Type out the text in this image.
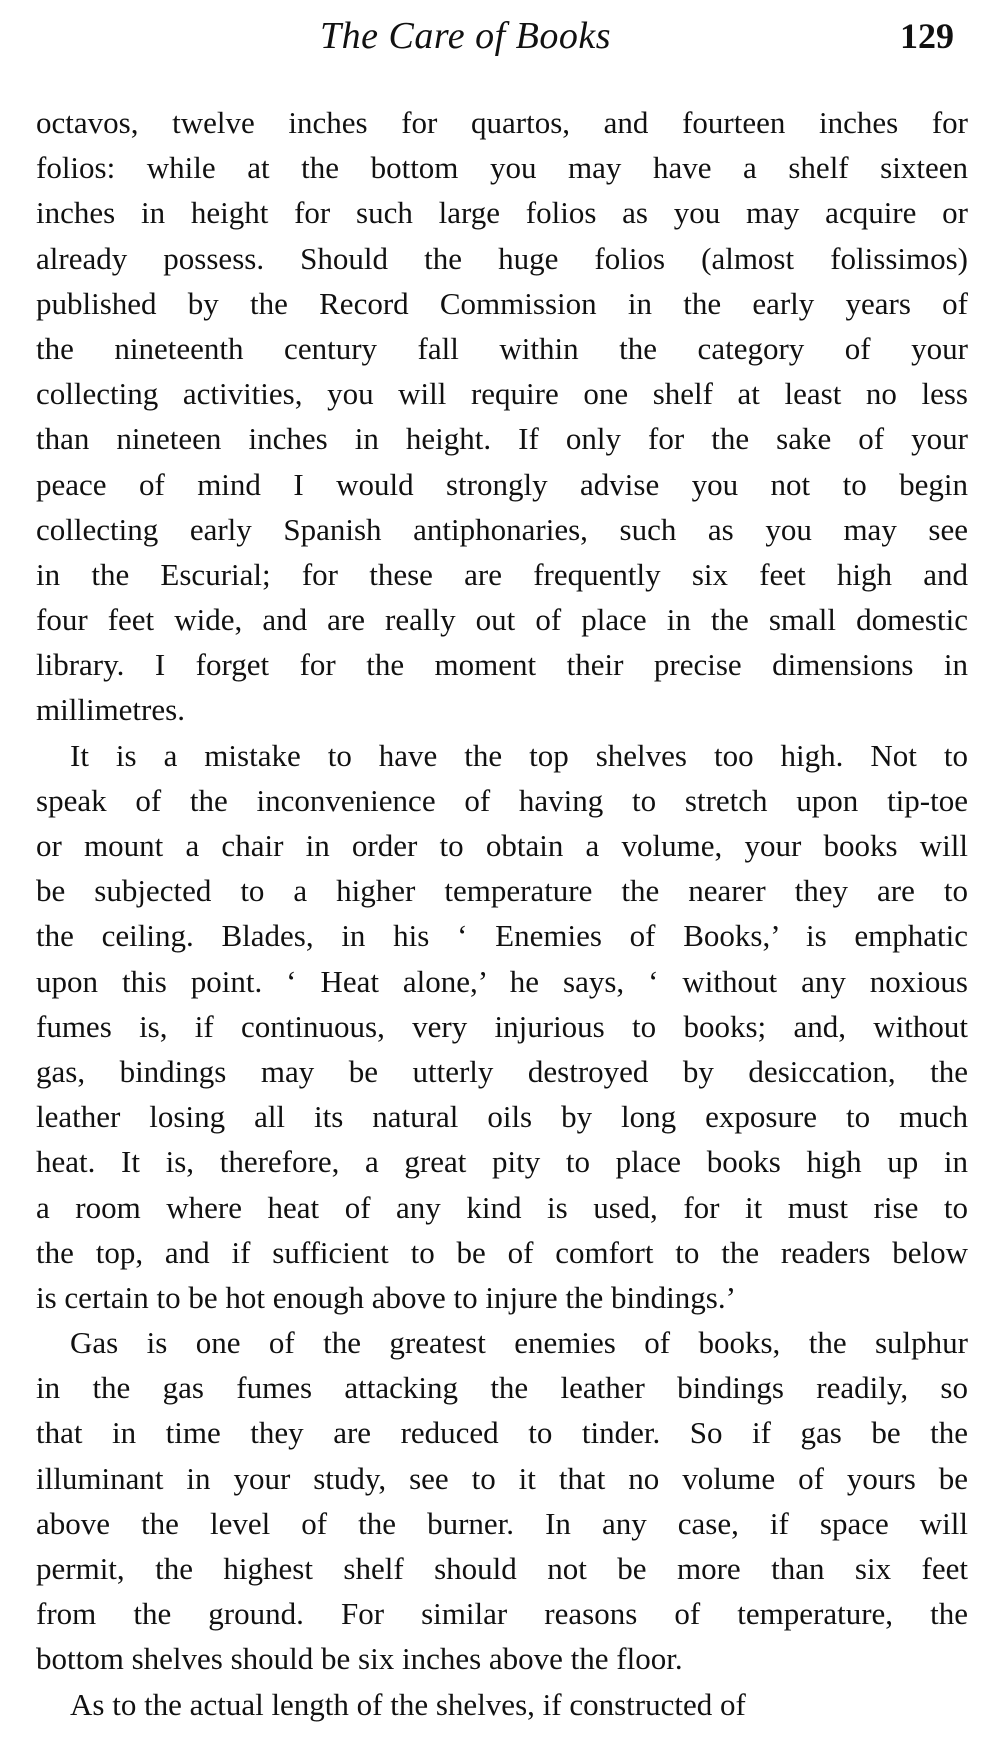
The Care of Books	129
octavos, twelve inches for quartos, and fourteen inches for
folios: while at the bottom you may have a shelf sixteen
inches in height for such large folios as you may acquire or
already possess. Should the huge folios (almost folissimos)
published by the Record Commission in the early years of
the nineteenth century fall within the category of your
collecting activities, you will require one shelf at least no less
than nineteen inches in height. If only for the sake of your
peace of mind I would strongly advise you not to begin
collecting early Spanish antiphonaries, such as you may see
in the Escurial; for these are frequently six feet high and
four feet wide, and are really out of place in the small domestic
library. I forget for the moment their precise dimensions in
millimetres.
It is a mistake to have the top shelves too high. Not to
speak of the inconvenience of having to stretch upon tip-toe
or mount a chair in order to obtain a volume, your books will
be subjected to a higher temperature the nearer they are to
the ceiling. Blades, in his ‘ Enemies of Books,’ is emphatic
upon this point. ‘ Heat alone,’ he says, ‘ without any noxious
fumes is, if continuous, very injurious to books; and, without
gas, bindings may be utterly destroyed by desiccation, the
leather losing all its natural oils by long exposure to much
heat. It is, therefore, a great pity to place books high up in
a room where heat of any kind is used, for it must rise to
the top, and if sufficient to be of comfort to the readers below
is certain to be hot enough above to injure the bindings.’
Gas is one of the greatest enemies of books, the sulphur
in the gas fumes attacking the leather bindings readily, so
that in time they are reduced to tinder. So if gas be the
illuminant in your study, see to it that no volume of yours be
above the level of the burner. In any case, if space will
permit, the highest shelf should not be more than six feet
from the ground. For similar reasons of temperature, the
bottom shelves should be six inches above the floor.
As to the actual length of the shelves, if constructed of
